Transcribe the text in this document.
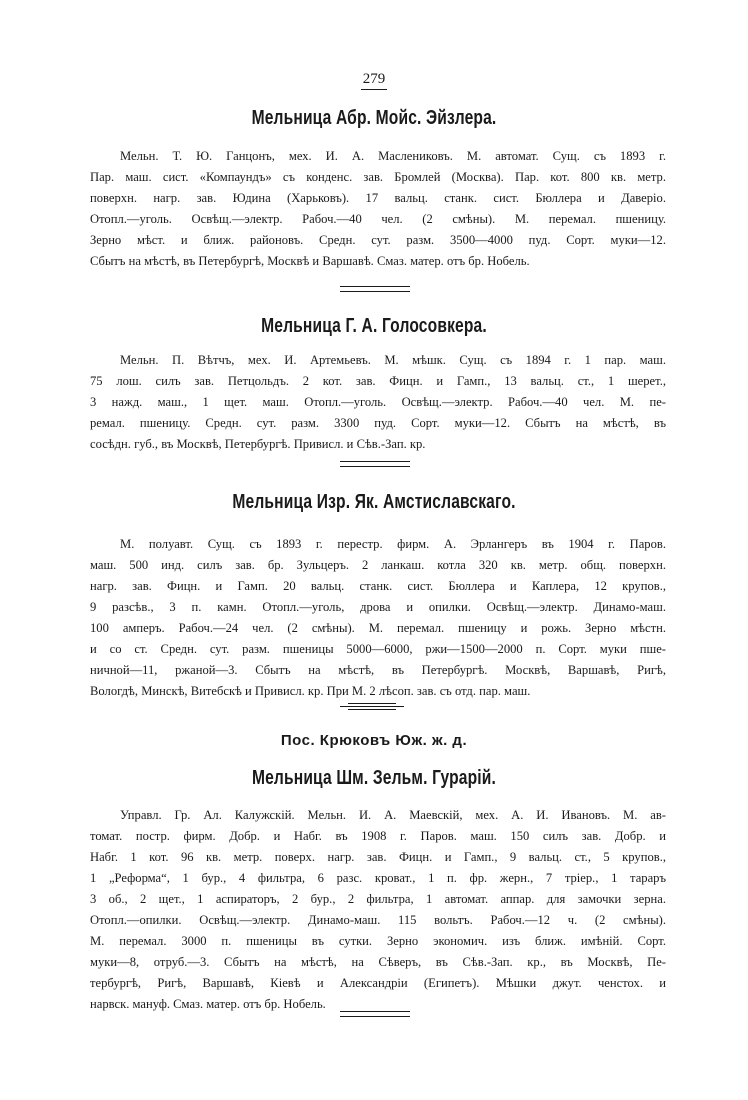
279
Мельница Абр. Мойс. Эйзлера.
Мельн. Т. Ю. Ганцонъ, мех. И. А. Маслениковъ. М. автомат. Сущ. съ 1893 г.
Пар. маш. сист. «Компаундъ» съ конденс. зав. Бромлей (Москва). Пар. кот. 800 кв. метр.
поверхн. нагр. зав. Юдина (Харьковъ). 17 вальц. станк. сист. Бюллера и Даверіо.
Отопл.—уголь. Освѣщ.—электр. Рабоч.—40 чел. (2 смѣны). М. перемал. пшеницу.
Зерно мѣст. и ближ. районовъ. Средн. сут. разм. 3500—4000 пуд. Сорт. муки—12.
Сбытъ на мѣстѣ, въ Петербургѣ, Москвѣ и Варшавѣ. Смаз. матер. отъ бр. Нобель.
Мельница Г. А. Голосовкера.
Мельн. П. Вѣтчъ, мех. И. Артемьевъ. М. мѣшк. Сущ. съ 1894 г. 1 пар. маш.
75 лош. силъ зав. Петцольдъ. 2 кот. зав. Фицн. и Гамп., 13 вальц. ст., 1 шерет.,
3 нажд. маш., 1 щет. маш. Отопл.—уголь. Освѣщ.—электр. Рабоч.—40 чел. М. пе-
ремал. пшеницу. Средн. сут. разм. 3300 пуд. Сорт. муки—12. Сбытъ на мѣстѣ, въ
сосѣдн. губ., въ Москвѣ, Петербургѣ. Привисл. и Сѣв.-Зап. кр.
Мельница Изр. Як. Амстиславскаго.
М. полуавт. Сущ. съ 1893 г. перестр. фирм. А. Эрлангеръ въ 1904 г. Паров.
маш. 500 инд. силъ зав. бр. Зульцеръ. 2 ланкаш. котла 320 кв. метр. общ. поверхн.
нагр. зав. Фицн. и Гамп. 20 вальц. станк. сист. Бюллера и Каплера, 12 крупов.,
9 разсѣв., 3 п. камн. Отопл.—уголь, дрова и опилки. Освѣщ.—электр. Динамо-маш.
100 амперъ. Рабоч.—24 чел. (2 смѣны). М. перемал. пшеницу и рожь. Зерно мѣстн.
и со ст. Средн. сут. разм. пшеницы 5000—6000, ржи—1500—2000 п. Сорт. муки пше-
ничной—11, ржаной—3. Сбытъ на мѣстѣ, въ Петербургѣ. Москвѣ, Варшавѣ, Ригѣ,
Вологдѣ, Минскѣ, Витебскѣ и Привисл. кр. При М. 2 лѣсоп. зав. съ отд. пар. маш.
Пос. Крюковъ Юж. ж. д.
Мельница Шм. Зельм. Гурарій.
Управл. Гр. Ал. Калужскій. Мельн. И. А. Маевскій, мех. А. И. Ивановъ. М. ав-
томат. постр. фирм. Добр. и Набг. въ 1908 г. Паров. маш. 150 силъ зав. Добр. и
Набг. 1 кот. 96 кв. метр. поверх. нагр. зав. Фицн. и Гамп., 9 вальц. ст., 5 крупов.,
1 „Реформа“, 1 бур., 4 фильтра, 6 разс. кроват., 1 п. фр. жерн., 7 тріер., 1 тараръ
3 об., 2 щет., 1 аспираторъ, 2 бур., 2 фильтра, 1 автомат. аппар. для замочки зерна.
Отопл.—опилки. Освѣщ.—электр. Динамо-маш. 115 вольтъ. Рабоч.—12 ч. (2 смѣны).
М. перемал. 3000 п. пшеницы въ сутки. Зерно экономич. изъ ближ. имѣній. Сорт.
муки—8, отруб.—3. Сбытъ на мѣстѣ, на Сѣверъ, въ Сѣв.-Зап. кр., въ Москвѣ, Пе-
тербургѣ, Ригѣ, Варшавѣ, Кіевѣ и Александріи (Египетъ). Мѣшки джут. ченстох. и
нарвск. мануф. Смаз. матер. отъ бр. Нобель.
